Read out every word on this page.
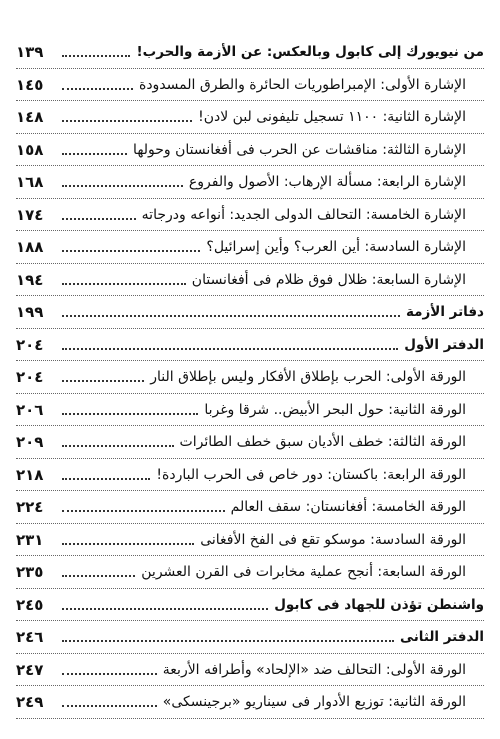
١٣٩	من نيويورك إلى كابول وبالعكس: عن الأزمة والحرب!
١٤٥	الإشارة الأولى: الإمبراطوريات الحائرة والطرق المسدودة
١٤٨	الإشارة الثانية: ١١٠٠ تسجيل تليفونى لبن لادن!
١٥٨	الإشارة الثالثة: مناقشات عن الحرب فى أفغانستان وحولها
١٦٨	الإشارة الرابعة: مسألة الإرهاب: الأصول والفروع
١٧٤	الإشارة الخامسة: التحالف الدولى الجديد: أنواعه ودرجاته
١٨٨	الإشارة السادسة: أين العرب؟ وأين إسرائيل؟
١٩٤	الإشارة السابعة: ظلال فوق ظلام فى أفغانستان
١٩٩	دفاتر الأزمة
٢٠٤	الدفتر الأول
٢٠٤	الورقة الأولى: الحرب بإطلاق الأفكار وليس بإطلاق النار
٢٠٦	الورقة الثانية: حول البحر الأبيض.. شرقا وغربا
٢٠٩	الورقة الثالثة: خطف الأديان سبق خطف الطائرات
٢١٨	الورقة الرابعة: باكستان: دور خاص فى الحرب الباردة!
٢٢٤	الورقة الخامسة: أفغانستان: سقف العالم
٢٣١	الورقة السادسة: موسكو تقع فى الفخ الأفغانى
٢٣٥	الورقة السابعة: أنجح عملية مخابرات فى القرن العشرين
٢٤٥	واشنطن تؤذن للجهاد فى كابول
٢٤٦	الدفتر الثانى
٢٤٧	الورقة الأولى: التحالف ضد «الإلحاد» وأطرافه الأربعة
٢٤٩	الورقة الثانية: توزيع الأدوار فى سيناريو «برجينسكى»
